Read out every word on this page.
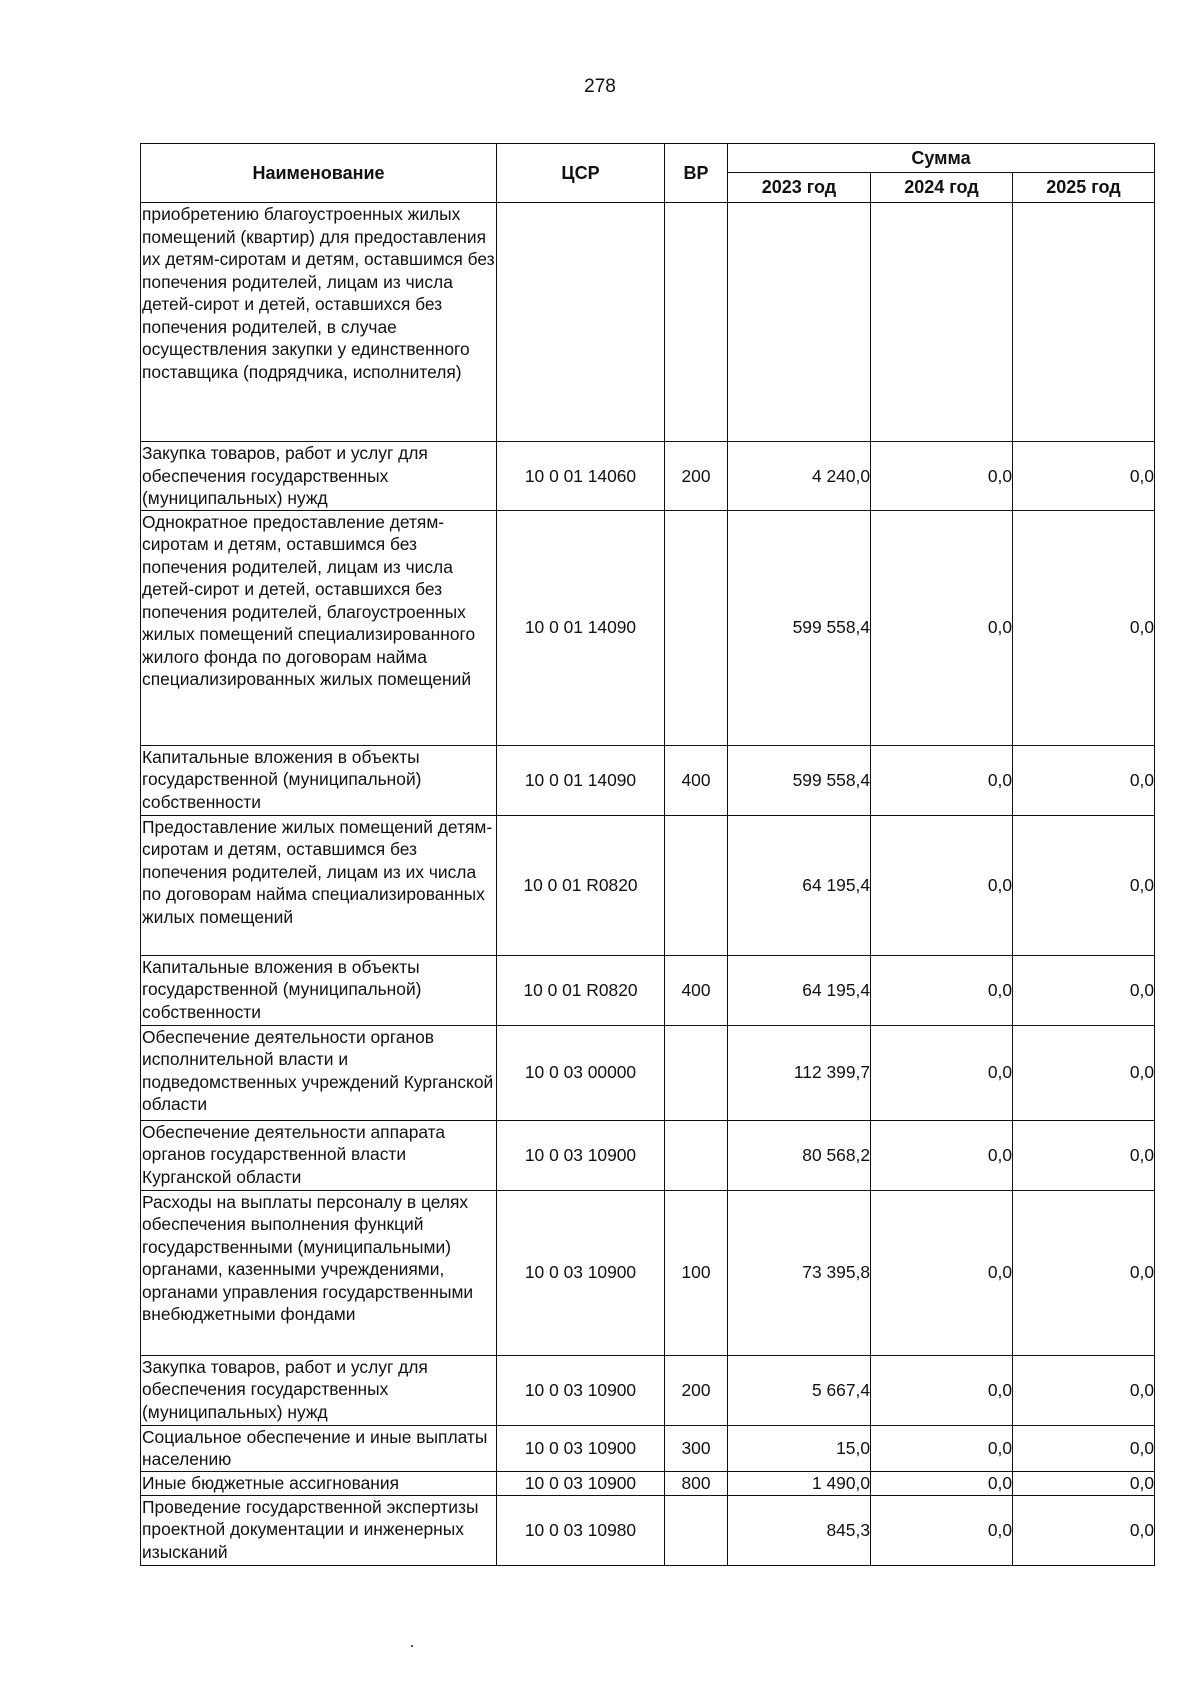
278
Наименование	ЦСР	ВР	Сумма		
			2023 год	2024 год	2025 год
приобретению благоустроенных жилых помещений (квартир) для предоставления их детям-сиротам и детям, оставшимся без попечения родителей, лицам из числа детей-сирот и детей, оставшихся без попечения родителей, в случае осуществления закупки у единственного поставщика (подрядчика, исполнителя)					
Закупка товаров, работ и услуг для обеспечения государственных (муниципальных) нужд	10 0 01 14060	200	4 240,0	0,0	0,0
Однократное предоставление детям-сиротам и детям, оставшимся без попечения родителей, лицам из числа детей-сирот и детей, оставшихся без попечения родителей, благоустроенных жилых помещений специализированного жилого фонда по договорам найма специализированных жилых помещений	10 0 01 14090		599 558,4	0,0	0,0
Капитальные вложения в объекты государственной (муниципальной) собственности	10 0 01 14090	400	599 558,4	0,0	0,0
Предоставление жилых помещений детям-сиротам и детям, оставшимся без попечения родителей, лицам из их числа по договорам найма специализированных жилых помещений	10 0 01 R0820		64 195,4	0,0	0,0
Капитальные вложения в объекты государственной (муниципальной) собственности	10 0 01 R0820	400	64 195,4	0,0	0,0
Обеспечение деятельности органов исполнительной власти и подведомственных учреждений Курганской области	10 0 03 00000		112 399,7	0,0	0,0
Обеспечение деятельности аппарата органов государственной власти Курганской области	10 0 03 10900		80 568,2	0,0	0,0
Расходы на выплаты персоналу в целях обеспечения выполнения функций государственными (муниципальными) органами, казенными учреждениями, органами управления государственными внебюджетными фондами	10 0 03 10900	100	73 395,8	0,0	0,0
Закупка товаров, работ и услуг для обеспечения государственных (муниципальных) нужд	10 0 03 10900	200	5 667,4	0,0	0,0
Социальное обеспечение и иные выплаты населению	10 0 03 10900	300	15,0	0,0	0,0
Иные бюджетные ассигнования	10 0 03 10900	800	1 490,0	0,0	0,0
Проведение государственной экспертизы проектной документации и инженерных изысканий	10 0 03 10980		845,3	0,0	0,0
